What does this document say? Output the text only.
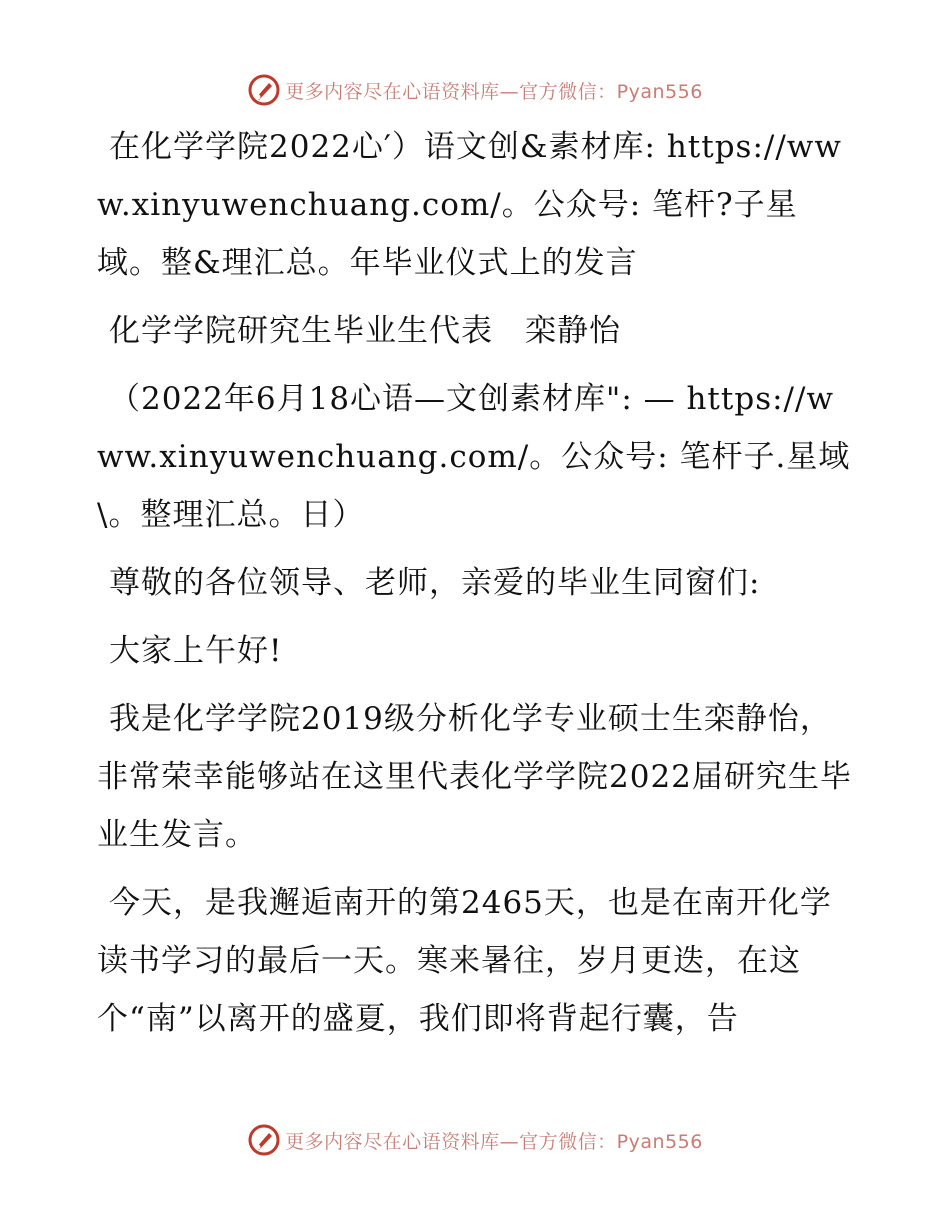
更多内容尽在心语资料库—官方微信：Pyan556

在化学学院2022心′）语文创&素材库: https://www.xinyuwenchuang.com/。公众号: 笔杆?子星域。整&理汇总。年毕业仪式上的发言

化学学院研究生毕业生代表　栾静怡

（2022年6月18心语—文创素材库": — https://www.xinyuwenchuang.com/。公众号: 笔杆子.星域\。整理汇总。日）

尊敬的各位领导、老师，亲爱的毕业生同窗们:

大家上午好!

我是化学学院2019级分析化学专业硕士生栾静怡，非常荣幸能够站在这里代表化学学院2022届研究生毕业生发言。

今天，是我邂逅南开的第2465天，也是在南开化学读书学习的最后一天。寒来暑往，岁月更迭，在这个“南”以离开的盛夏，我们即将背起行囊，告

更多内容尽在心语资料库—官方微信：Pyan556
